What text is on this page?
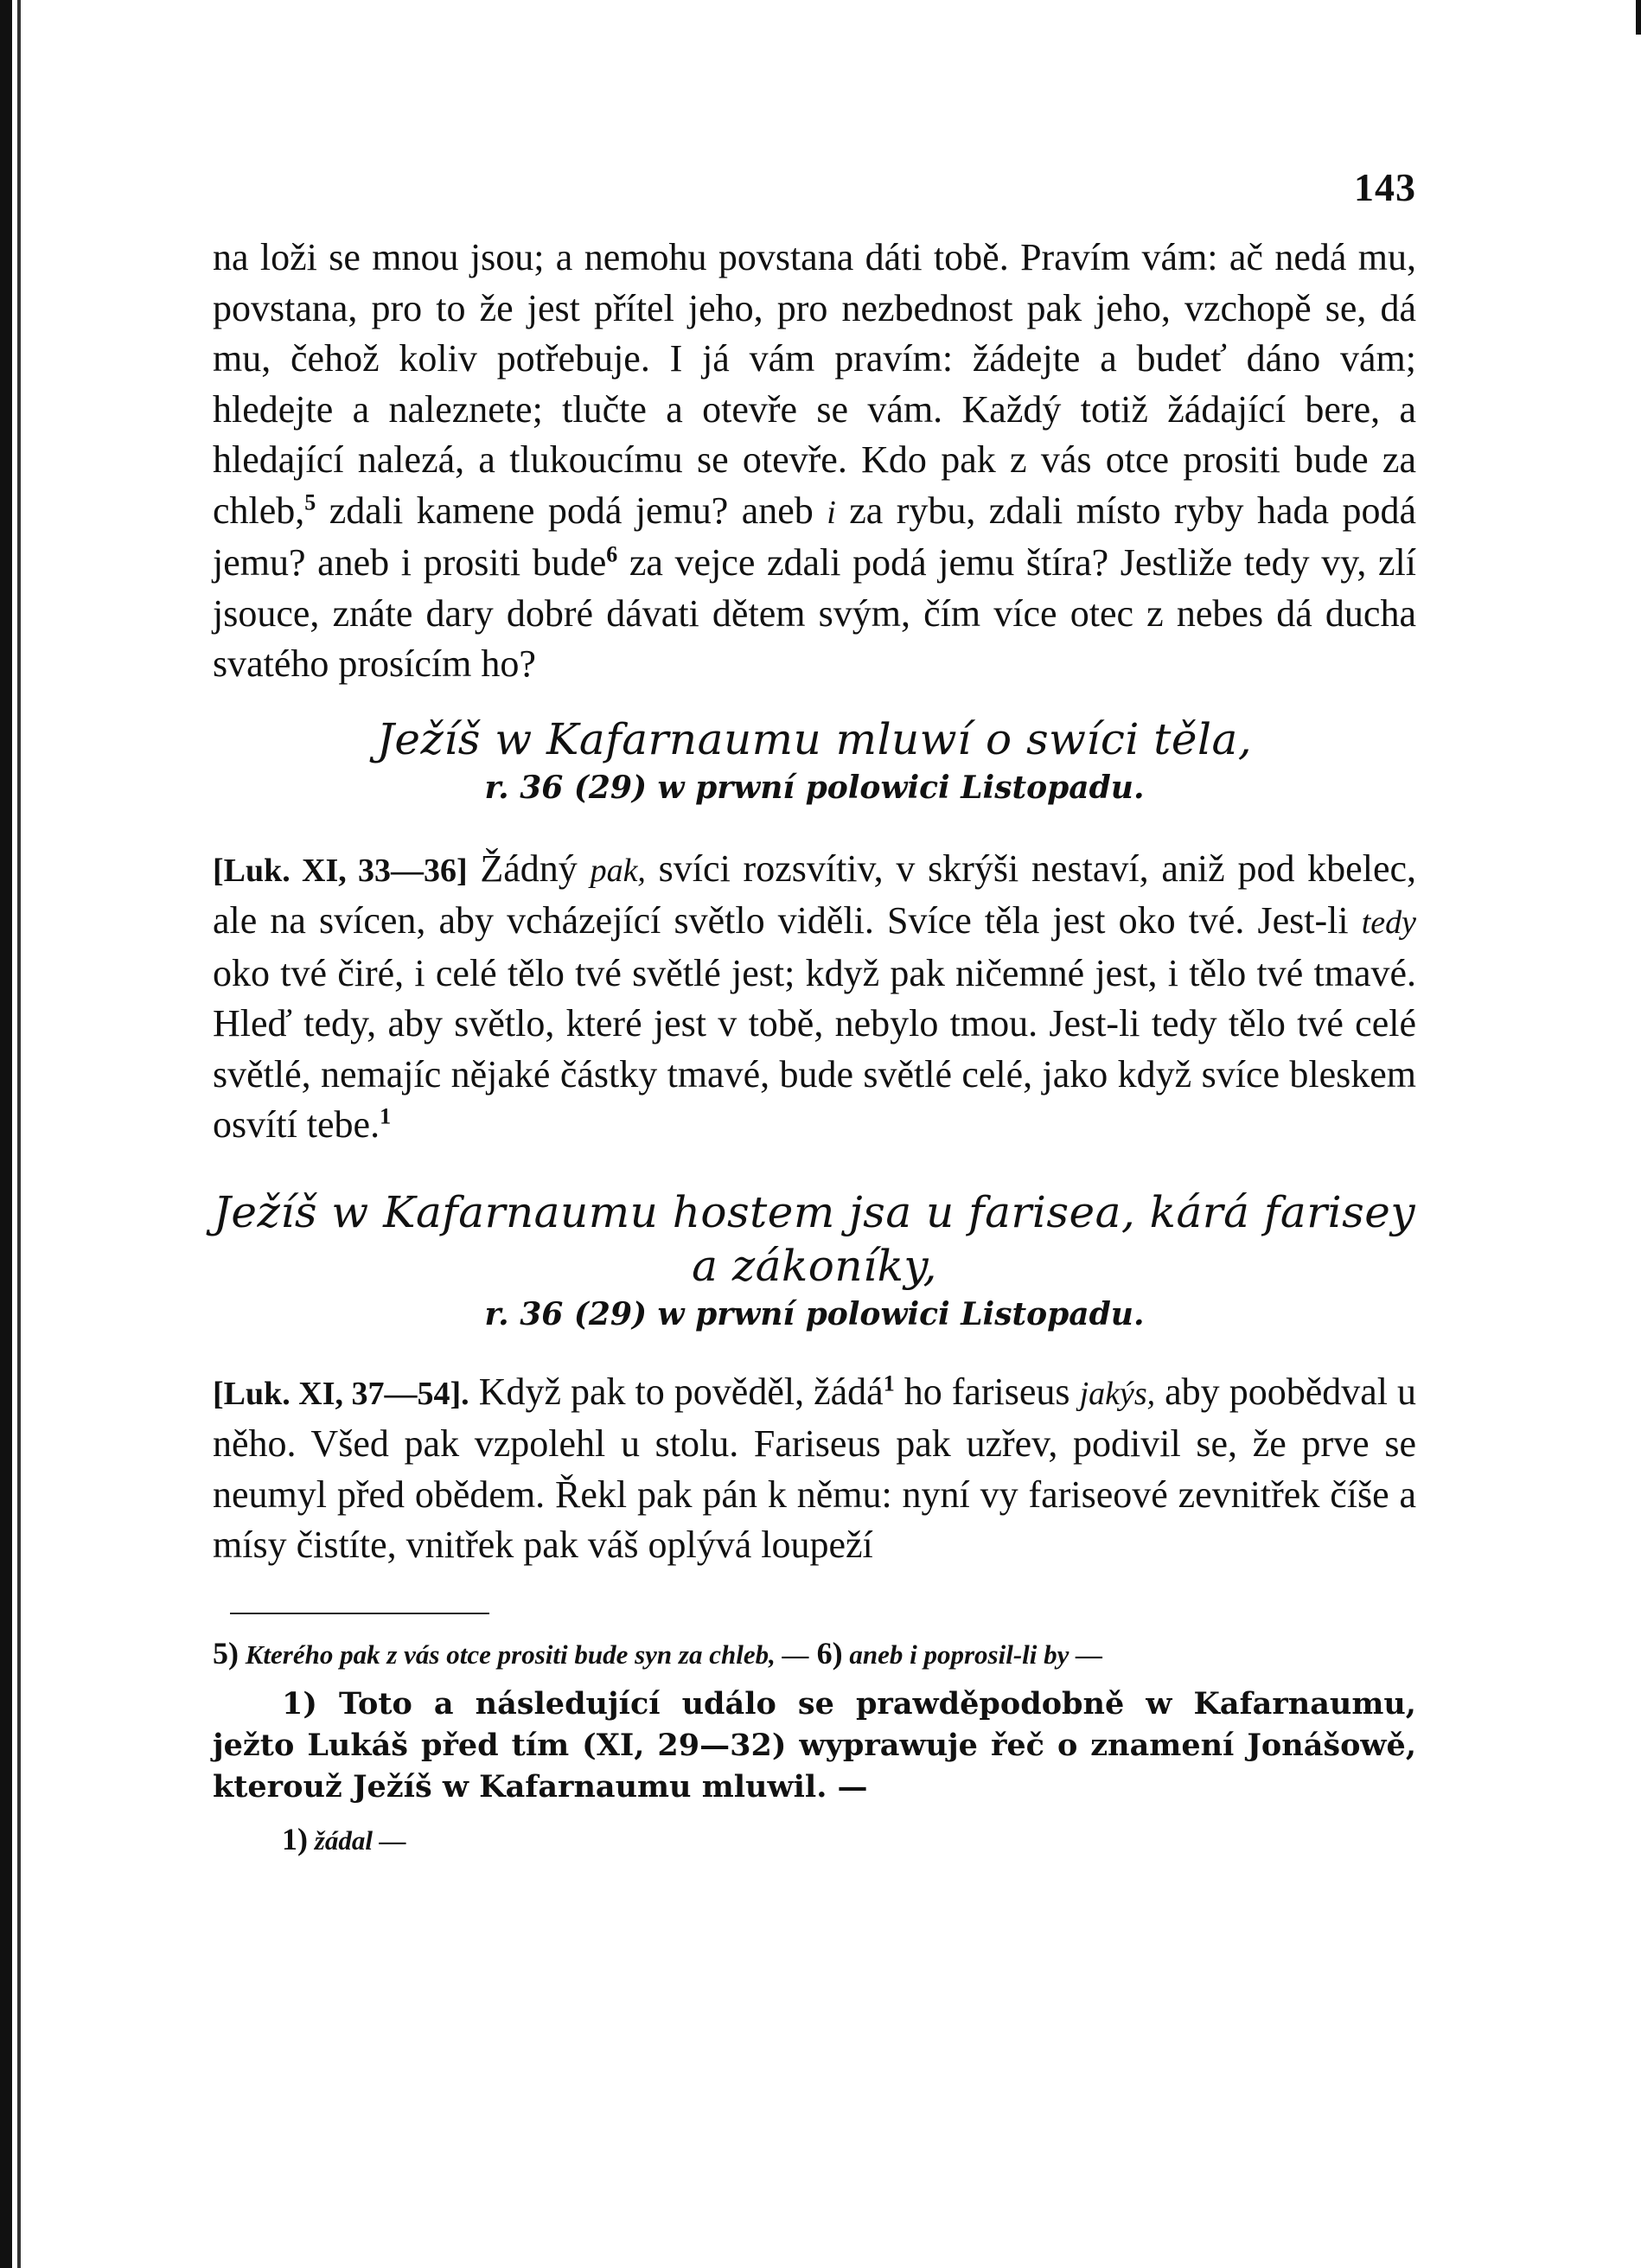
143

na loži se mnou jsou; a nemohu povstana dáti tobě. Pravím vám: ač nedá mu, povstana, pro to že jest přítel jeho, pro nezbednost pak jeho, vzchopě se, dá mu, čehož koliv potřebuje. I já vám pravím: žádejte a budeť dáno vám; hledejte a naleznete; tlučte a otevře se vám. Každý totiž žádající bere, a hledající nalezá, a tlukoucímu se otevře. Kdo pak z vás otce prositi bude za chleb,$^5$ zdali kamene podá jemu? aneb i za rybu, zdali místo ryby hada podá jemu? aneb i prositi bude$^6$ za vejce zdali podá jemu štíra? Jestliže tedy vy, zlí jsouce, znáte dary dobré dávati dětem svým, čím více otec z nebes dá ducha svatého prosícím ho?

Ježíš w Kafarnaumu mluwí o swíci těla,
r. 36 (29) w prwní polowici Listopadu.

[Luk. XI, 33—36] Žádný pak, svíci rozsvítiv, v skrýši nestaví, aniž pod kbelec, ale na svícen, aby vcházející světlo viděli. Svíce těla jest oko tvé. Jest-li tedy oko tvé čiré, i celé tělo tvé světlé jest; když pak ničemné jest, i tělo tvé tmavé. Hleď tedy, aby světlo, které jest v tobě, nebylo tmou. Jest-li tedy tělo tvé celé světlé, nemajíc nějaké částky tmavé, bude světlé celé, jako když svíce bleskem osvítí tebe.$^1$

Ježíš w Kafarnaumu hostem jsa u farisea, kárá farisey
a zákoníky,
r. 36 (29) w prwní polowici Listopadu.

[Luk. XI, 37—54]. Když pak to pověděl, žádá$^1$ ho fariseus jakýs, aby poobědval u něho. Všed pak vzpolehl u stolu. Fariseus pak uzřev, podivil se, že prve se neumyl před obědem. Řekl pak pán k němu: nyní vy fariseové zevnitřek číše a mísy čistíte, vnitřek pak váš oplývá loupeží

5) Kterého pak z vás otce prositi bude syn za chleb, — 6) aneb i poprosil-li by —

1) Toto a následující událo se prawděpodobně w Kafarnaumu, ježto Lukáš před tím (XI, 29—32) wyprawuje řeč o znamení Jonášowě, kterouž Ježíš w Kafarnaumu mluwil. —

1) žádal —
